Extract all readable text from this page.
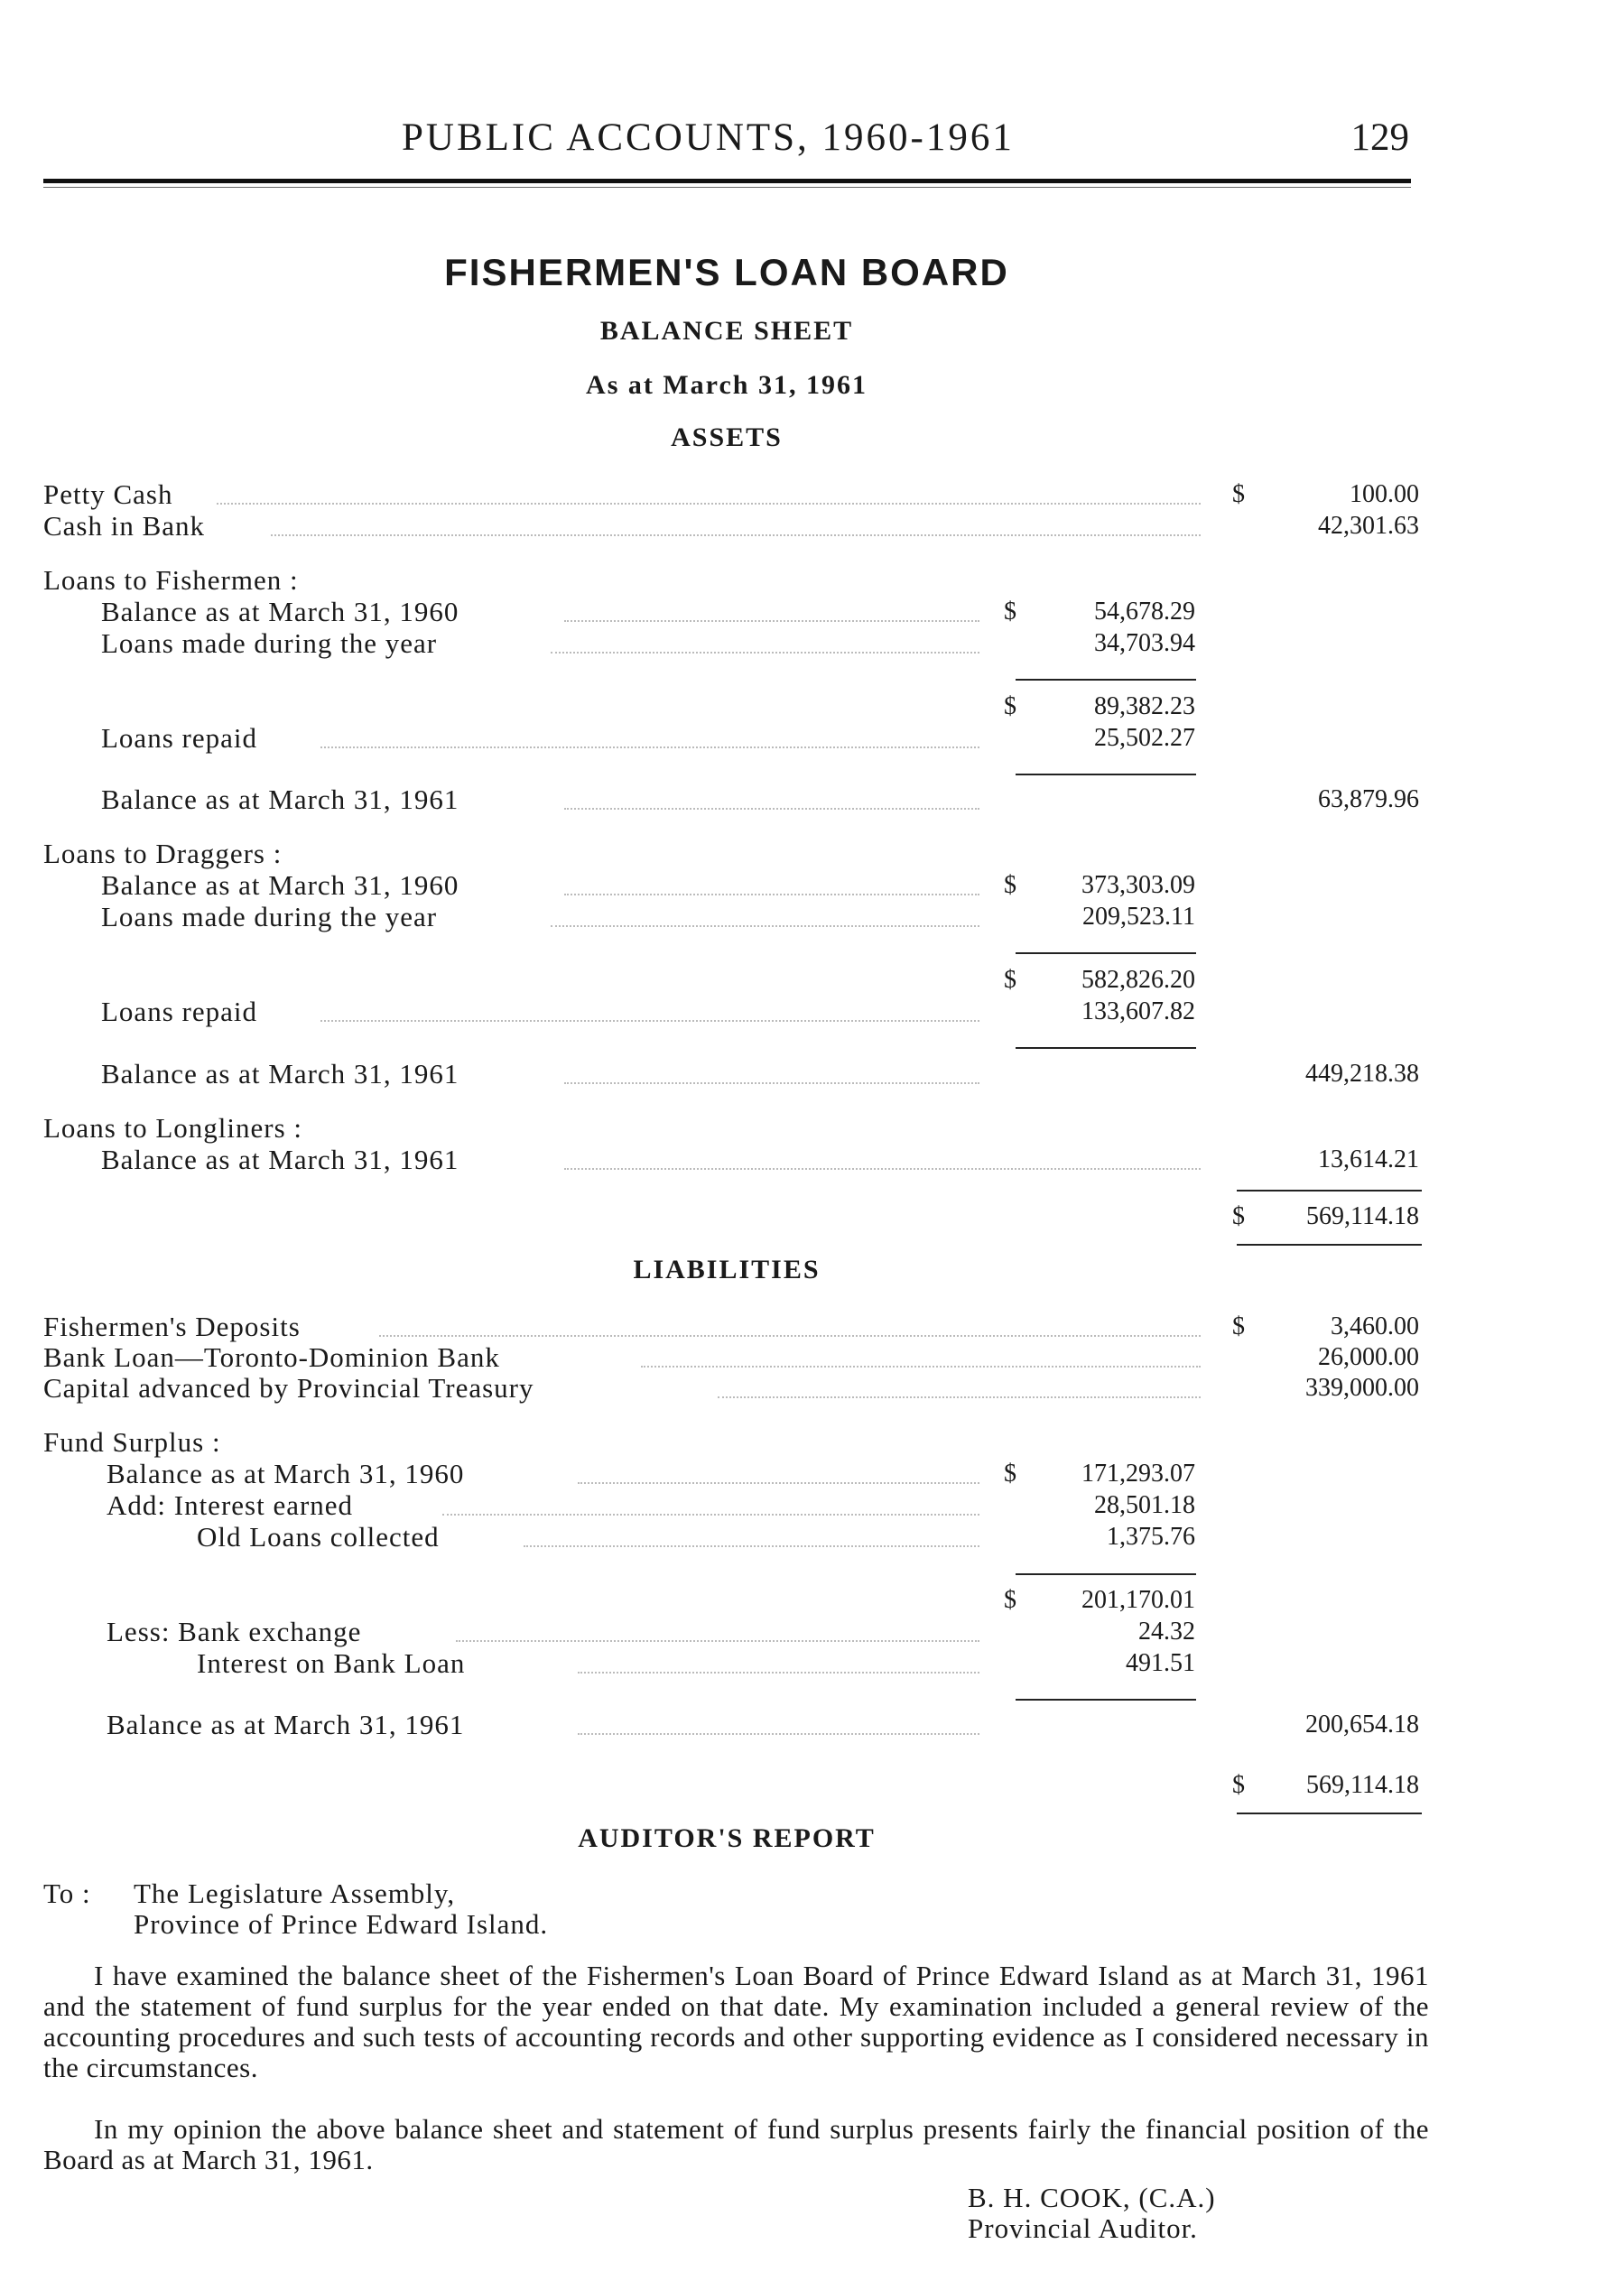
PUBLIC ACCOUNTS, 1960-1961	129
FISHERMEN'S LOAN BOARD
BALANCE SHEET
As at March 31, 1961
ASSETS
Petty Cash	$	100.00
Cash in Bank	42,301.63
Loans to Fishermen :
Balance as at March 31, 1960	$	54,678.29
Loans made during the year	34,703.94
$	89,382.23
Loans repaid	25,502.27
Balance as at March 31, 1961	63,879.96
Loans to Draggers :
Balance as at March 31, 1960	$	373,303.09
Loans made during the year	209,523.11
$	582,826.20
Loans repaid	133,607.82
Balance as at March 31, 1961	449,218.38
Loans to Longliners :
Balance as at March 31, 1961	13,614.21
$ 569,114.18
LIABILITIES
Fishermen's Deposits	$	3,460.00
Bank Loan—Toronto-Dominion Bank	26,000.00
Capital advanced by Provincial Treasury	339,000.00
Fund Surplus :
Balance as at March 31, 1960	$	171,293.07
Add: Interest earned	28,501.18
Old Loans collected	1,375.76
$	201,170.01
Less: Bank exchange	24.32
Interest on Bank Loan	491.51
Balance as at March 31, 1961	200,654.18
$ 569,114.18
AUDITOR'S REPORT
To : The Legislature Assembly,
Province of Prince Edward Island.
I have examined the balance sheet of the Fishermen's Loan Board of Prince Edward Island as at March 31, 1961 and the statement of fund surplus for the year ended on that date. My examination included a general review of the accounting procedures and such tests of accounting records and other supporting evidence as I considered necessary in the circumstances.
In my opinion the above balance sheet and statement of fund surplus presents fairly the financial position of the Board as at March 31, 1961.
B. H. COOK, (C.A.)
Provincial Auditor.
